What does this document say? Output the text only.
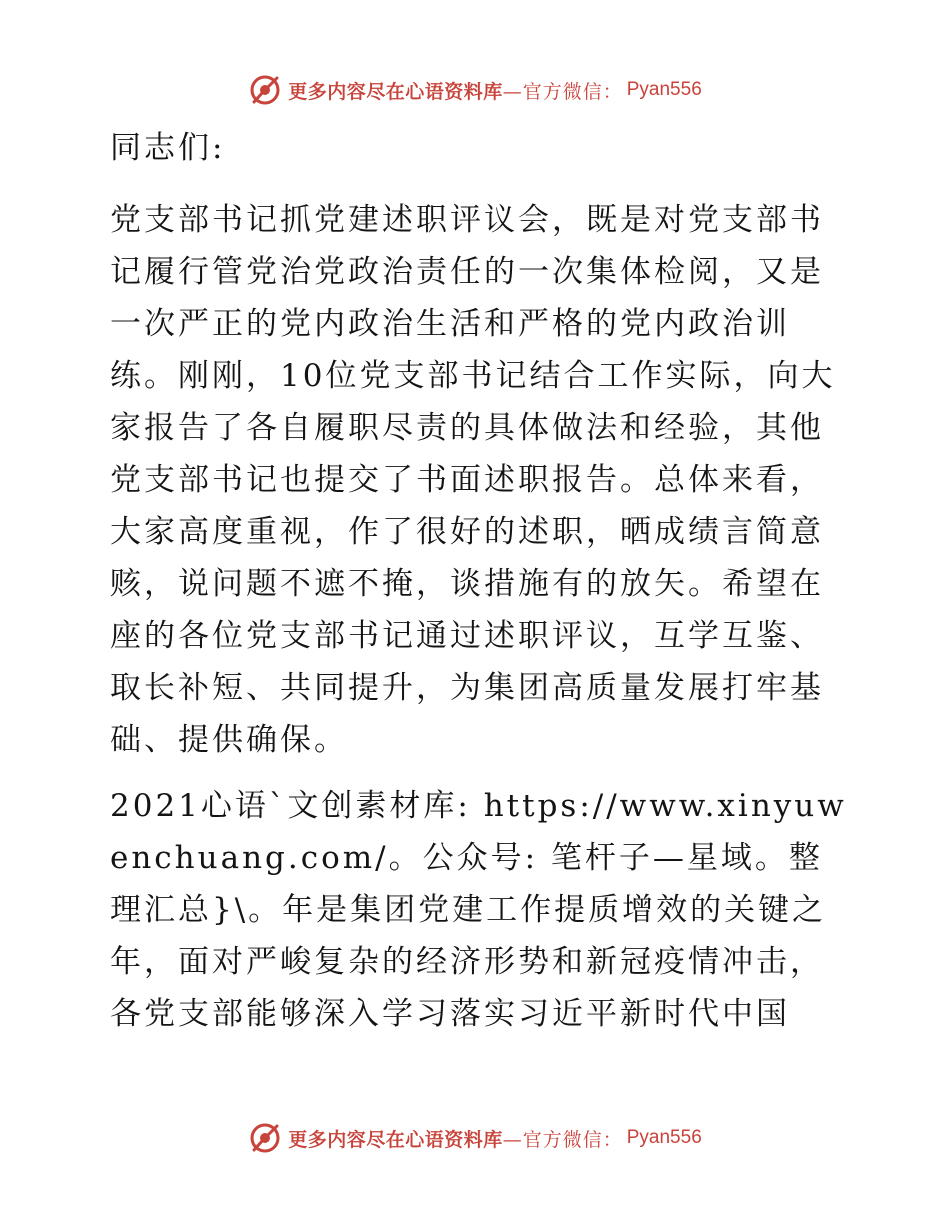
更多内容尽在心语资料库 —官方微信： Pyan556

同志们:

党支部书记抓党建述职评议会，既是对党支部书记履行管党治党政治责任的一次集体检阅，又是一次严正的党内政治生活和严格的党内政治训练。刚刚，10位党支部书记结合工作实际，向大家报告了各自履职尽责的具体做法和经验，其他党支部书记也提交了书面述职报告。总体来看，大家高度重视，作了很好的述职，晒成绩言简意赅，说问题不遮不掩，谈措施有的放矢。希望在座的各位党支部书记通过述职评议，互学互鉴、取长补短、共同提升，为集团高质量发展打牢基础、提供确保。

2021心语`文创素材库: https://www.xinyuwenchuang.com/。公众号: 笔杆子—星域。整理汇总}\。年是集团党建工作提质增效的关键之年，面对严峻复杂的经济形势和新冠疫情冲击，各党支部能够深入学习落实习近平新时代中国

更多内容尽在心语资料库 —官方微信： Pyan556
